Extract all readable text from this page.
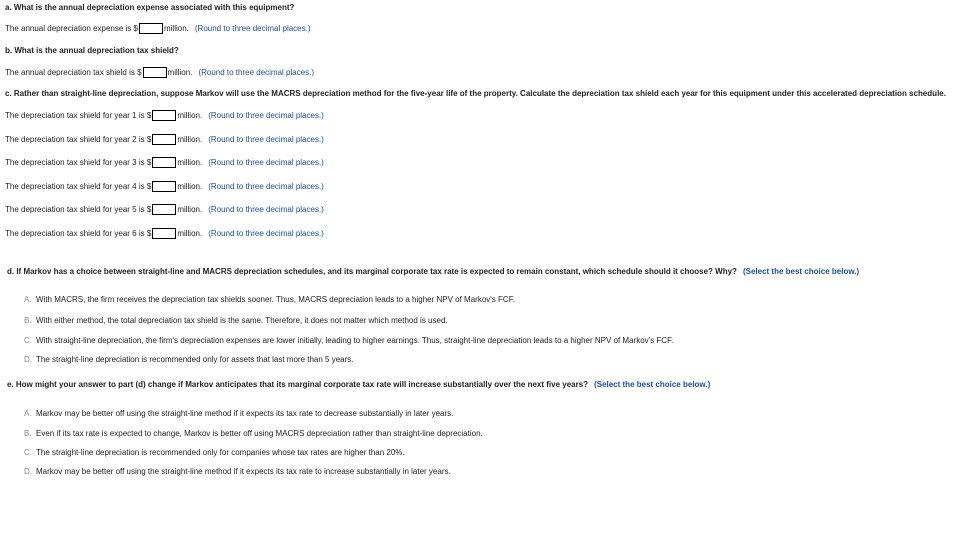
a. What is the annual depreciation expense associated with this equipment?
The annual depreciation expense is $	million. (Round to three decimal places.)
b. What is the annual depreciation tax shield?
The annual depreciation tax shield is $	million. (Round to three decimal places.)
c. Rather than straight-line depreciation, suppose Markov will use the MACRS depreciation method for the five-year life of the property. Calculate the depreciation tax shield each year for this equipment under this accelerated depreciation schedule.
The depreciation tax shield for year 1 is $	million. (Round to three decimal places.)
The depreciation tax shield for year 2 is $	million. (Round to three decimal places.)
The depreciation tax shield for year 3 is $	million. (Round to three decimal places.)
The depreciation tax shield for year 4 is $	million. (Round to three decimal places.)
The depreciation tax shield for year 5 is $	million. (Round to three decimal places.)
The depreciation tax shield for year 6 is $	million. (Round to three decimal places.)
d. If Markov has a choice between straight-line and MACRS depreciation schedules, and its marginal corporate tax rate is expected to remain constant, which schedule should it choose? Why? (Select the best choice below.)
A. With MACRS, the firm receives the depreciation tax shields sooner. Thus, MACRS depreciation leads to a higher NPV of Markov's FCF.
B. With either method, the total depreciation tax shield is the same. Therefore, it does not matter which method is used.
C. With straight-line depreciation, the firm's depreciation expenses are lower initially, leading to higher earnings. Thus, straight-line depreciation leads to a higher NPV of Markov's FCF.
D. The straight-line depreciation is recommended only for assets that last more than 5 years.
e. How might your answer to part (d) change if Markov anticipates that its marginal corporate tax rate will increase substantially over the next five years? (Select the best choice below.)
A. Markov may be better off using the straight-line method if it expects its tax rate to decrease substantially in later years.
B. Even if its tax rate is expected to change, Markov is better off using MACRS depreciation rather than straight-line depreciation.
C. The straight-line depreciation is recommended only for companies whose tax rates are higher than 20%.
D. Markov may be better off using the straight-line method if it expects its tax rate to increase substantially in later years.
